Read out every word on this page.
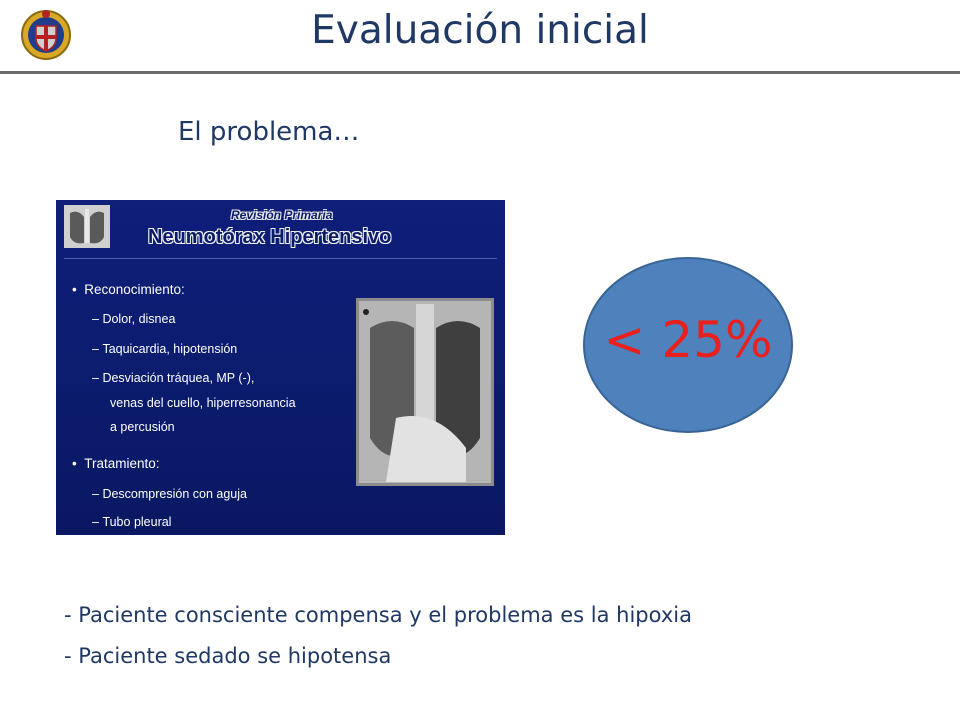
Evaluación inicial
El problema…
Revisión Primaria
Neumotórax Hipertensivo
•  Reconocimiento:
– Dolor, disnea
– Taquicardia, hipotensión
– Desviación tráquea, MP (-),
venas del cuello, hiperresonancia
a percusión
•  Tratamiento:
– Descompresión con aguja
– Tubo pleural
< 25%
- Paciente consciente compensa y el problema es la hipoxia
- Paciente sedado se hipotensa
